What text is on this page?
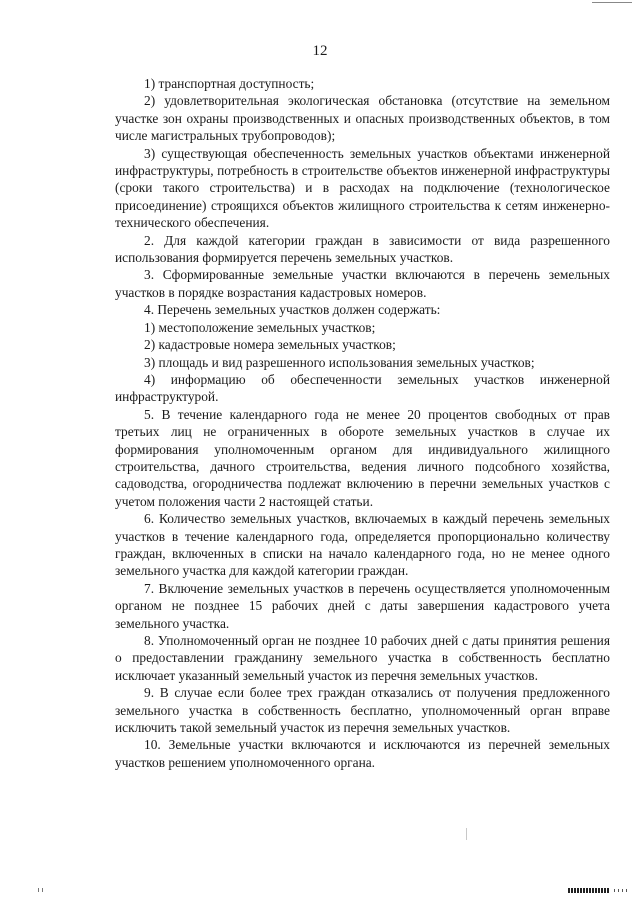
12

1) транспортная доступность;

2) удовлетворительная экологическая обстановка (отсутствие на земельном участке зон охраны производственных и опасных производственных объектов, в том числе магистральных трубопроводов);

3) существующая обеспеченность земельных участков объектами инженерной инфраструктуры, потребность в строительстве объектов инженерной инфраструктуры (сроки такого строительства) и в расходах на подключение (технологическое присоединение) строящихся объектов жилищного строительства к сетям инженерно-технического обеспечения.

2. Для каждой категории граждан в зависимости от вида разрешенного использования формируется перечень земельных участков.

3. Сформированные земельные участки включаются в перечень земельных участков в порядке возрастания кадастровых номеров.

4. Перечень земельных участков должен содержать:

1) местоположение земельных участков;

2) кадастровые номера земельных участков;

3) площадь и вид разрешенного использования земельных участков;

4) информацию об обеспеченности земельных участков инженерной инфраструктурой.

5. В течение календарного года не менее 20 процентов свободных от прав третьих лиц не ограниченных в обороте земельных участков в случае их формирования уполномоченным органом для индивидуального жилищного строительства, дачного строительства, ведения личного подсобного хозяйства, садоводства, огородничества подлежат включению в перечни земельных участков с учетом положения части 2 настоящей статьи.

6. Количество земельных участков, включаемых в каждый перечень земельных участков в течение календарного года, определяется пропорционально количеству граждан, включенных в списки на начало календарного года, но не менее одного земельного участка для каждой категории граждан.

7. Включение земельных участков в перечень осуществляется уполномоченным органом не позднее 15 рабочих дней с даты завершения кадастрового учета земельного участка.

8. Уполномоченный орган не позднее 10 рабочих дней с даты принятия решения о предоставлении гражданину земельного участка в собственность бесплатно исключает указанный земельный участок из перечня земельных участков.

9. В случае если более трех граждан отказались от получения предложенного земельного участка в собственность бесплатно, уполномоченный орган вправе исключить такой земельный участок из перечня земельных участков.

10. Земельные участки включаются и исключаются из перечней земельных участков решением уполномоченного органа.
